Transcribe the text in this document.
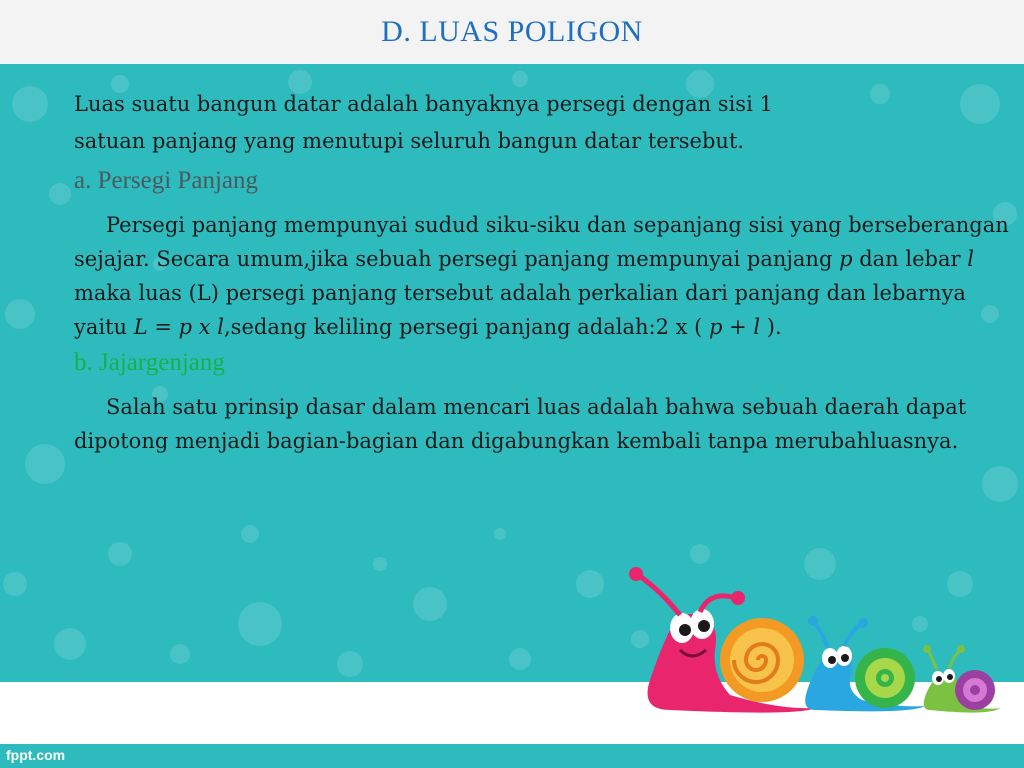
D. LUAS POLIGON

Luas suatu bangun datar adalah banyaknya persegi dengan sisi 1
satuan panjang yang menutupi seluruh bangun datar tersebut.

a. Persegi Panjang

Persegi panjang mempunyai sudud siku-siku dan sepanjang sisi yang berseberangan sejajar. Secara umum,jika sebuah persegi panjang mempunyai panjang p dan lebar l maka luas (L) persegi panjang tersebut adalah perkalian dari panjang dan lebarnya yaitu L = p x l,sedang keliling persegi panjang adalah:2 x ( p + l ).

b. Jajargenjang

Salah satu prinsip dasar dalam mencari luas adalah bahwa sebuah daerah dapat dipotong menjadi bagian-bagian dan digabungkan kembali tanpa merubahluasnya.

fppt.com
